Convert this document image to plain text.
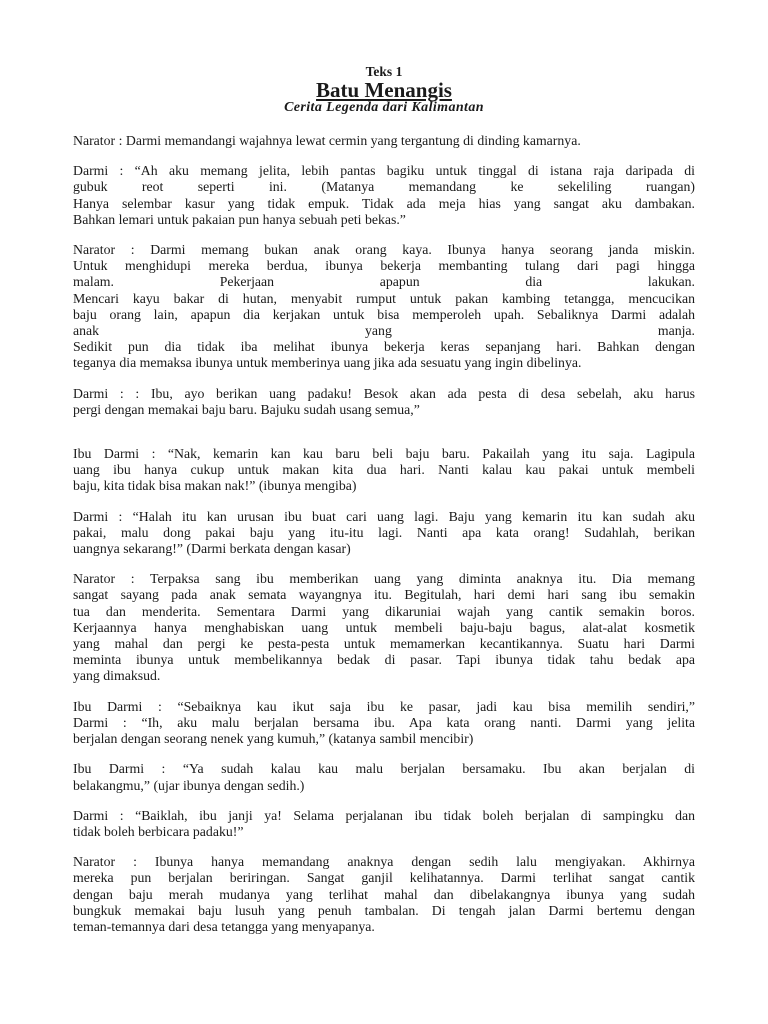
Teks 1
Batu Menangis
Cerita Legenda dari Kalimantan
Narator : Darmi memandangi wajahnya lewat cermin yang tergantung di dinding kamarnya.
Darmi : “Ah aku memang jelita, lebih pantas bagiku untuk tinggal di istana raja daripada di
gubuk reot seperti ini. (Matanya memandang ke sekeliling ruangan)
Hanya selembar kasur yang tidak empuk. Tidak ada meja hias yang sangat aku dambakan.
Bahkan lemari untuk pakaian pun hanya sebuah peti bekas.”
Narator : Darmi memang bukan anak orang kaya. Ibunya hanya seorang janda miskin.
Untuk menghidupi mereka berdua, ibunya bekerja membanting tulang dari pagi hingga
malam. Pekerjaan apapun dia lakukan.
Mencari kayu bakar di hutan, menyabit rumput untuk pakan kambing tetangga, mencucikan
baju orang lain, apapun dia kerjakan untuk bisa memperoleh upah. Sebaliknya Darmi adalah
anak yang manja.
Sedikit pun dia tidak iba melihat ibunya bekerja keras sepanjang hari. Bahkan dengan
teganya dia memaksa ibunya untuk memberinya uang jika ada sesuatu yang ingin dibelinya.
Darmi : : Ibu, ayo berikan uang padaku! Besok akan ada pesta di desa sebelah, aku harus
pergi dengan memakai baju baru. Bajuku sudah usang semua,”
Ibu Darmi : “Nak, kemarin kan kau baru beli baju baru. Pakailah yang itu saja. Lagipula
uang ibu hanya cukup untuk makan kita dua hari. Nanti kalau kau pakai untuk membeli
baju, kita tidak bisa makan nak!” (ibunya mengiba)
Darmi : “Halah itu kan urusan ibu buat cari uang lagi. Baju yang kemarin itu kan sudah aku
pakai, malu dong pakai baju yang itu-itu lagi. Nanti apa kata orang! Sudahlah, berikan
uangnya sekarang!” (Darmi berkata dengan kasar)
Narator : Terpaksa sang ibu memberikan uang yang diminta anaknya itu. Dia memang
sangat sayang pada anak semata wayangnya itu. Begitulah, hari demi hari sang ibu semakin
tua dan menderita. Sementara Darmi yang dikaruniai wajah yang cantik semakin boros.
Kerjaannya hanya menghabiskan uang untuk membeli baju-baju bagus, alat-alat kosmetik
yang mahal dan pergi ke pesta-pesta untuk memamerkan kecantikannya. Suatu hari Darmi
meminta ibunya untuk membelikannya bedak di pasar. Tapi ibunya tidak tahu bedak apa
yang dimaksud.
Ibu Darmi : “Sebaiknya kau ikut saja ibu ke pasar, jadi kau bisa memilih sendiri,”
Darmi : “Ih, aku malu berjalan bersama ibu. Apa kata orang nanti. Darmi yang jelita
berjalan dengan seorang nenek yang kumuh,” (katanya sambil mencibir)
Ibu Darmi : “Ya sudah kalau kau malu berjalan bersamaku. Ibu akan berjalan di
belakangmu,” (ujar ibunya dengan sedih.)
Darmi : “Baiklah, ibu janji ya! Selama perjalanan ibu tidak boleh berjalan di sampingku dan
tidak boleh berbicara padaku!”
Narator : Ibunya hanya memandang anaknya dengan sedih lalu mengiyakan. Akhirnya
mereka pun berjalan beriringan. Sangat ganjil kelihatannya. Darmi terlihat sangat cantik
dengan baju merah mudanya yang terlihat mahal dan dibelakangnya ibunya yang sudah
bungkuk memakai baju lusuh yang penuh tambalan. Di tengah jalan Darmi bertemu dengan
teman-temannya dari desa tetangga yang menyapanya.
